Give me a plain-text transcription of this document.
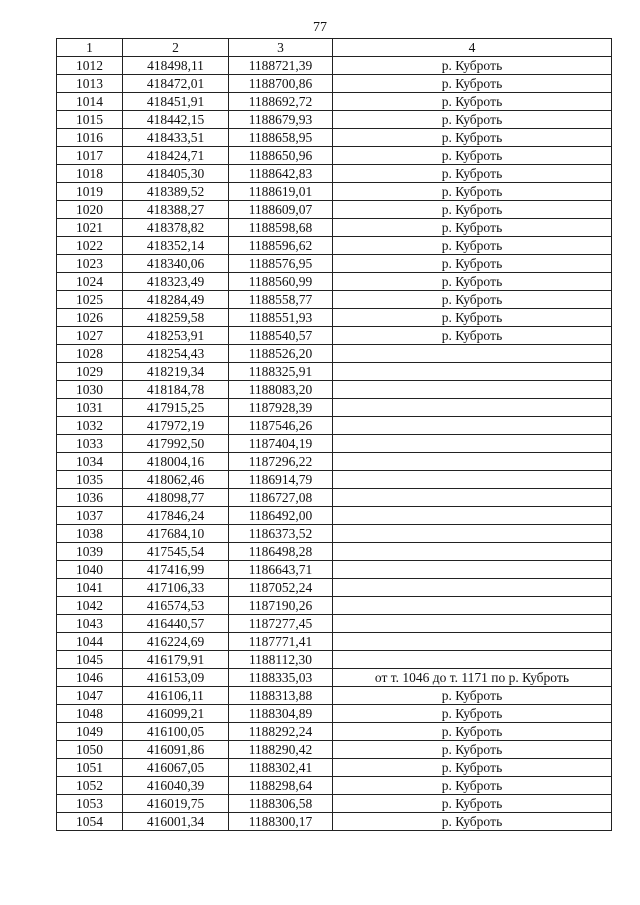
77
1	2	3	4
1012	418498,11	1188721,39	р. Кубрoть
1013	418472,01	1188700,86	р. Кубрoть
1014	418451,91	1188692,72	р. Кубрoть
1015	418442,15	1188679,93	р. Кубрoть
1016	418433,51	1188658,95	р. Кубрoть
1017	418424,71	1188650,96	р. Кубрoть
1018	418405,30	1188642,83	р. Кубрoть
1019	418389,52	1188619,01	р. Кубрoть
1020	418388,27	1188609,07	р. Кубрoть
1021	418378,82	1188598,68	р. Кубрoть
1022	418352,14	1188596,62	р. Кубрoть
1023	418340,06	1188576,95	р. Кубрoть
1024	418323,49	1188560,99	р. Кубрoть
1025	418284,49	1188558,77	р. Кубрoть
1026	418259,58	1188551,93	р. Кубрoть
1027	418253,91	1188540,57	р. Кубрoть
1028	418254,43	1188526,20	
1029	418219,34	1188325,91	
1030	418184,78	1188083,20	
1031	417915,25	1187928,39	
1032	417972,19	1187546,26	
1033	417992,50	1187404,19	
1034	418004,16	1187296,22	
1035	418062,46	1186914,79	
1036	418098,77	1186727,08	
1037	417846,24	1186492,00	
1038	417684,10	1186373,52	
1039	417545,54	1186498,28	
1040	417416,99	1186643,71	
1041	417106,33	1187052,24	
1042	416574,53	1187190,26	
1043	416440,57	1187277,45	
1044	416224,69	1187771,41	
1045	416179,91	1188112,30	
1046	416153,09	1188335,03	от т. 1046 до т. 1171 по р. Кубрoть
1047	416106,11	1188313,88	р. Кубрoть
1048	416099,21	1188304,89	р. Кубрoть
1049	416100,05	1188292,24	р. Кубрoть
1050	416091,86	1188290,42	р. Кубрoть
1051	416067,05	1188302,41	р. Кубрoть
1052	416040,39	1188298,64	р. Кубрoть
1053	416019,75	1188306,58	р. Кубрoть
1054	416001,34	1188300,17	р. Кубрoть
